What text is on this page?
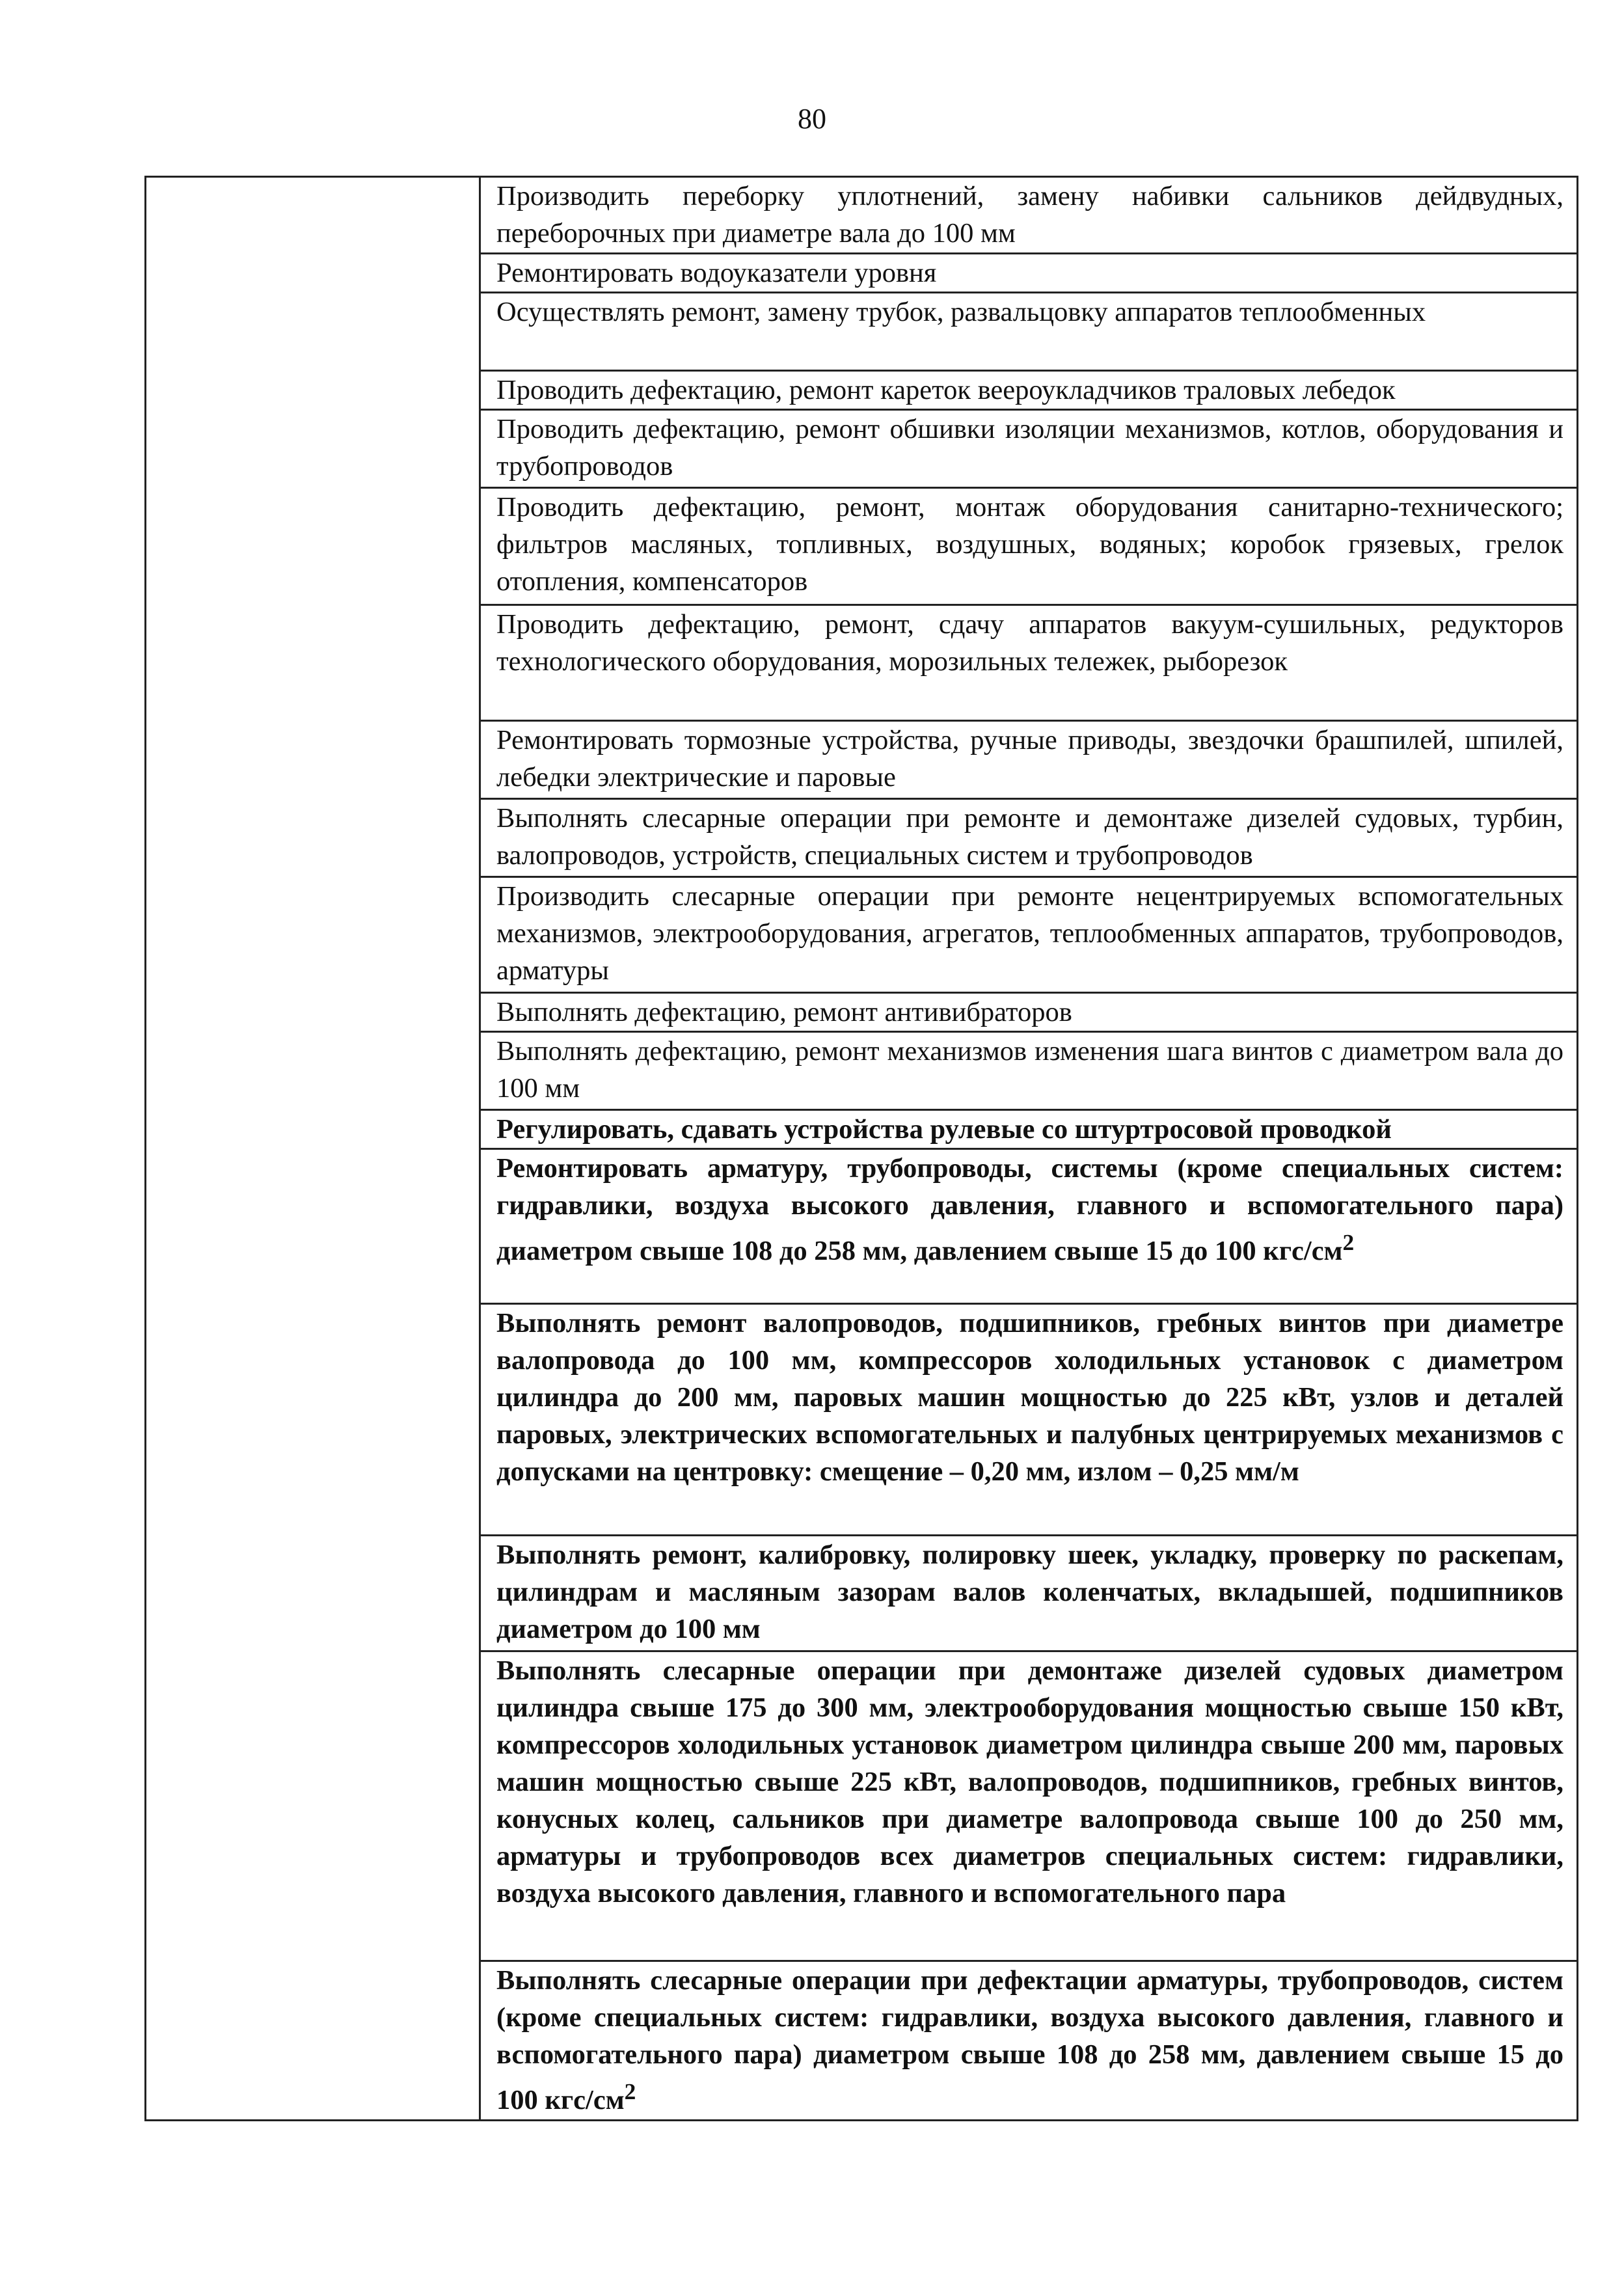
80
Производить переборку уплотнений, замену набивки сальников дейдвудных, переборочных при диаметре вала до 100 мм
Ремонтировать водоуказатели уровня
Осуществлять ремонт, замену трубок, развальцовку аппаратов теплообменных
Проводить дефектацию, ремонт кареток веероукладчиков траловых лебедок
Проводить дефектацию, ремонт обшивки изоляции механизмов, котлов, оборудования и трубопроводов
Проводить дефектацию, ремонт, монтаж оборудования санитарно-технического; фильтров масляных, топливных, воздушных, водяных; коробок грязевых, грелок отопления, компенсаторов
Проводить дефектацию, ремонт, сдачу аппаратов вакуум-сушильных, редукторов технологического оборудования, морозильных тележек, рыборезок
Ремонтировать тормозные устройства, ручные приводы, звездочки брашпилей, шпилей, лебедки электрические и паровые
Выполнять слесарные операции при ремонте и демонтаже дизелей судовых, турбин, валопроводов, устройств, специальных систем и трубопроводов
Производить слесарные операции при ремонте нецентрируемых вспомогательных механизмов, электрооборудования, агрегатов, теплообменных аппаратов, трубопроводов, арматуры
Выполнять дефектацию, ремонт антивибраторов
Выполнять дефектацию, ремонт механизмов изменения шага винтов с диаметром вала до 100 мм
Регулировать, сдавать устройства рулевые со штуртросовой проводкой
Ремонтировать арматуру, трубопроводы, системы (кроме специальных систем: гидравлики, воздуха высокого давления, главного и вспомогательного пара) диаметром свыше 108 до 258 мм, давлением свыше 15 до 100 кгс/$см^2$
Выполнять ремонт валопроводов, подшипников, гребных винтов при диаметре валопровода до 100 мм, компрессоров холодильных установок с диаметром цилиндра до 200 мм, паровых машин мощностью до 225 кВт, узлов и деталей паровых, электрических вспомогательных и палубных центрируемых механизмов с допусками на центровку: смещение – 0,20 мм, излом – 0,25 мм/м
Выполнять ремонт, калибровку, полировку шеек, укладку, проверку по раскепам, цилиндрам и масляным зазорам валов коленчатых, вкладышей, подшипников диаметром до 100 мм
Выполнять слесарные операции при демонтаже дизелей судовых диаметром цилиндра свыше 175 до 300 мм, электрооборудования мощностью свыше 150 кВт, компрессоров холодильных установок диаметром цилиндра свыше 200 мм, паровых машин мощностью свыше 225 кВт, валопроводов, подшипников, гребных винтов, конусных колец, сальников при диаметре валопровода свыше 100 до 250 мм, арматуры и трубопроводов всех диаметров специальных систем: гидравлики, воздуха высокого давления, главного и вспомогательного пара
Выполнять слесарные операции при дефектации арматуры, трубопроводов, систем (кроме специальных систем: гидравлики, воздуха высокого давления, главного и вспомогательного пара) диаметром свыше 108 до 258 мм, давлением свыше 15 до 100 кгс/$см^2$
